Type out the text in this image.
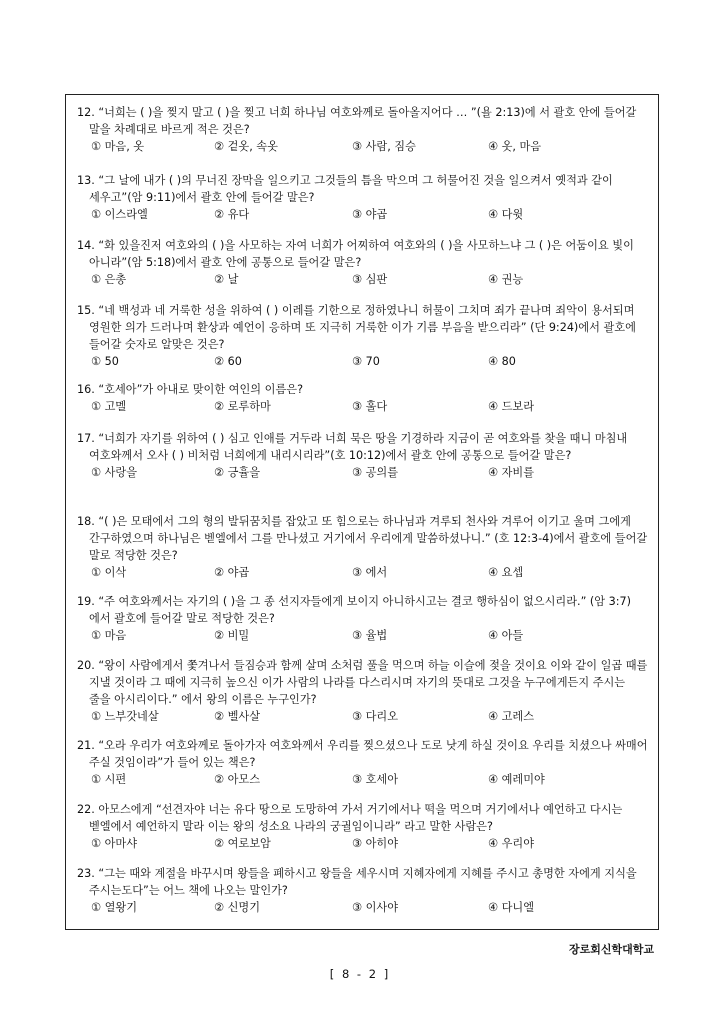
12. “너희는 ( )을 찢지 말고 ( )을 찢고 너희 하나님 여호와께로 돌아올지어다 … ”(욜 2:13)에 서 괄호 안에 들어갈 말을 차례대로 바르게 적은 것은?

① 마음, 옷	② 겉옷, 속옷	③ 사람, 짐승	④ 옷, 마음

13. “그 날에 내가 ( )의 무너진 장막을 일으키고 그것들의 틈을 막으며 그 허물어진 것을 일으켜서 옛적과 같이 세우고”(암 9:11)에서 괄호 안에 들어갈 말은?

① 이스라엘	② 유다	③ 야곱	④ 다윗

14. “화 있을진저 여호와의 ( )을 사모하는 자여 너희가 어찌하여 여호와의 ( )을 사모하느냐 그 ( )은 어둠이요 빛이 아니라”(암 5:18)에서 괄호 안에 공통으로 들어갈 말은?

① 은총	② 날	③ 심판	④ 권능

15. “네 백성과 네 거룩한 성을 위하여 ( ) 이레를 기한으로 정하였나니 허물이 그치며 죄가 끝나며 죄악이 용서되며 영원한 의가 드러나며 환상과 예언이 응하며 또 지극히 거룩한 이가 기름 부음을 받으리라” (단 9:24)에서 괄호에 들어갈 숫자로 알맞은 것은?

① 50	② 60	③ 70	④ 80

16. “호세아”가 아내로 맞이한 여인의 이름은?

① 고멜	② 로루하마	③ 훌다	④ 드보라

17. “너희가 자기를 위하여 ( ) 심고 인애를 거두라 너희 묵은 땅을 기경하라 지금이 곧 여호와를 찾을 때니 마침내 여호와께서 오사 ( ) 비처럼 너희에게 내리시리라”(호 10:12)에서 괄호 안에 공통으로 들어갈 말은?

① 사랑을	② 긍휼을	③ 공의를	④ 자비를

18. “( )은 모태에서 그의 형의 발뒤꿈치를 잡았고 또 힘으로는 하나님과 겨루되 천사와 겨루어 이기고 울며 그에게 간구하였으며 하나님은 벧엘에서 그를 만나셨고 거기에서 우리에게 말씀하셨나니.” (호 12:3-4)에서 괄호에 들어갈 말로 적당한 것은?

① 이삭	② 야곱	③ 에서	④ 요셉

19. “주 여호와께서는 자기의 ( )을 그 종 선지자들에게 보이지 아니하시고는 결코 행하심이 없으시리라.” (암 3:7)에서 괄호에 들어갈 말로 적당한 것은?

① 마음	② 비밀	③ 율법	④ 아들

20. “왕이 사람에게서 쫓겨나서 들짐승과 함께 살며 소처럼 풀을 먹으며 하늘 이슬에 젖을 것이요 이와 같이 일곱 때를 지낼 것이라 그 때에 지극히 높으신 이가 사람의 나라를 다스리시며 자기의 뜻대로 그것을 누구에게든지 주시는 줄을 아시리이다.” 에서 왕의 이름은 누구인가?

① 느부갓네살	② 벨사살	③ 다리오	④ 고레스

21. “오라 우리가 여호와께로 돌아가자 여호와께서 우리를 찢으셨으나 도로 낫게 하실 것이요 우리를 치셨으나 싸매어 주실 것임이라”가 들어 있는 책은?

① 시편	② 아모스	③ 호세아	④ 예레미야

22. 아모스에게 “선견자야 너는 유다 땅으로 도망하여 가서 거기에서나 떡을 먹으며 거기에서나 예언하고 다시는 벧엘에서 예언하지 말라 이는 왕의 성소요 나라의 궁궐임이니라” 라고 말한 사람은?

① 아마샤	② 여로보암	③ 아히야	④ 우리야

23. “그는 때와 계절을 바꾸시며 왕들을 폐하시고 왕들을 세우시며 지혜자에게 지혜를 주시고 총명한 자에게 지식을 주시는도다”는 어느 책에 나오는 말인가?

① 열왕기	② 신명기	③ 이사야	④ 다니엘
장로회신학대학교
[ 8 - 2 ]
